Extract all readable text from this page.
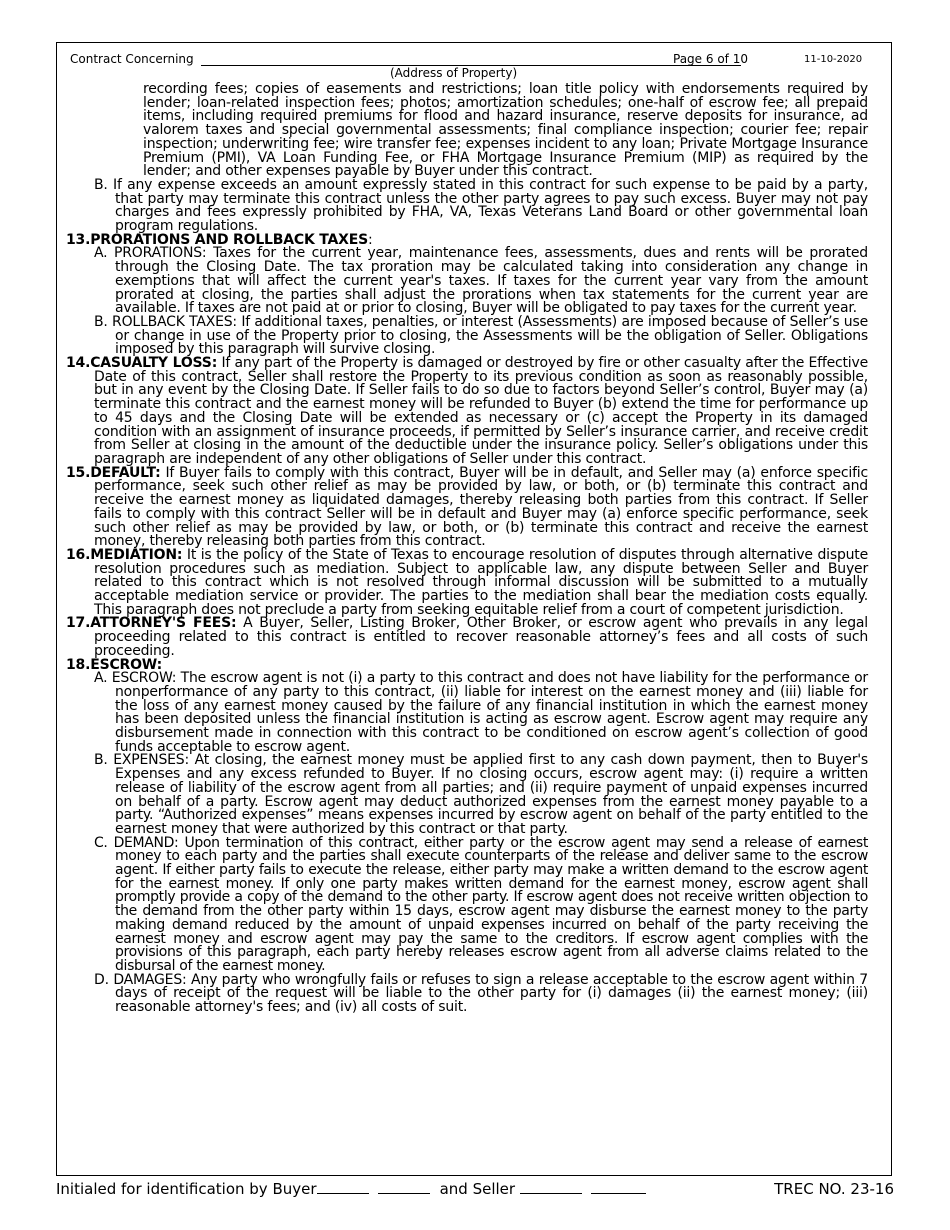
Contract Concerning	Page 6 of 10	11-10-2020
(Address of Property)

recording fees; copies of easements and restrictions; loan title policy with endorsements required by lender; loan-related inspection fees; photos; amortization schedules; one-half of escrow fee; all prepaid items, including required premiums for flood and hazard insurance, reserve deposits for insurance, ad valorem taxes and special governmental assessments; final compliance inspection; courier fee; repair inspection; underwriting fee; wire transfer fee; expenses incident to any loan; Private Mortgage Insurance Premium (PMI), VA Loan Funding Fee, or FHA Mortgage Insurance Premium (MIP) as required by the lender; and other expenses payable by Buyer under this contract.

B. If any expense exceeds an amount expressly stated in this contract for such expense to be paid by a party, that party may terminate this contract unless the other party agrees to pay such excess. Buyer may not pay charges and fees expressly prohibited by FHA, VA, Texas Veterans Land Board or other governmental loan program regulations.

13.PRORATIONS AND ROLLBACK TAXES:

A. PRORATIONS: Taxes for the current year, maintenance fees, assessments, dues and rents will be prorated through the Closing Date. The tax proration may be calculated taking into consideration any change in exemptions that will affect the current year's taxes. If taxes for the current year vary from the amount prorated at closing, the parties shall adjust the prorations when tax statements for the current year are available. If taxes are not paid at or prior to closing, Buyer will be obligated to pay taxes for the current year.

B. ROLLBACK TAXES: If additional taxes, penalties, or interest (Assessments) are imposed because of Seller’s use or change in use of the Property prior to closing, the Assessments will be the obligation of Seller. Obligations imposed by this paragraph will survive closing.

14.CASUALTY LOSS: If any part of the Property is damaged or destroyed by fire or other casualty after the Effective Date of this contract, Seller shall restore the Property to its previous condition as soon as reasonably possible, but in any event by the Closing Date. If Seller fails to do so due to factors beyond Seller’s control, Buyer may (a) terminate this contract and the earnest money will be refunded to Buyer (b) extend the time for performance up to 45 days and the Closing Date will be extended as necessary or (c) accept the Property in its damaged condition with an assignment of insurance proceeds, if permitted by Seller’s insurance carrier, and receive credit from Seller at closing in the amount of the deductible under the insurance policy. Seller’s obligations under this paragraph are independent of any other obligations of Seller under this contract.

15.DEFAULT: If Buyer fails to comply with this contract, Buyer will be in default, and Seller may (a) enforce specific performance, seek such other relief as may be provided by law, or both, or (b) terminate this contract and receive the earnest money as liquidated damages, thereby releasing both parties from this contract. If Seller fails to comply with this contract Seller will be in default and Buyer may (a) enforce specific performance, seek such other relief as may be provided by law, or both, or (b) terminate this contract and receive the earnest money, thereby releasing both parties from this contract.

16.MEDIATION: It is the policy of the State of Texas to encourage resolution of disputes through alternative dispute resolution procedures such as mediation. Subject to applicable law, any dispute between Seller and Buyer related to this contract which is not resolved through informal discussion will be submitted to a mutually acceptable mediation service or provider. The parties to the mediation shall bear the mediation costs equally. This paragraph does not preclude a party from seeking equitable relief from a court of competent jurisdiction.

17.ATTORNEY'S FEES: A Buyer, Seller, Listing Broker, Other Broker, or escrow agent who prevails in any legal proceeding related to this contract is entitled to recover reasonable attorney’s fees and all costs of such proceeding.

18.ESCROW:

A. ESCROW: The escrow agent is not (i) a party to this contract and does not have liability for the performance or nonperformance of any party to this contract, (ii) liable for interest on the earnest money and (iii) liable for the loss of any earnest money caused by the failure of any financial institution in which the earnest money has been deposited unless the financial institution is acting as escrow agent. Escrow agent may require any disbursement made in connection with this contract to be conditioned on escrow agent’s collection of good funds acceptable to escrow agent.

B. EXPENSES: At closing, the earnest money must be applied first to any cash down payment, then to Buyer's Expenses and any excess refunded to Buyer. If no closing occurs, escrow agent may: (i) require a written release of liability of the escrow agent from all parties; and (ii) require payment of unpaid expenses incurred on behalf of a party. Escrow agent may deduct authorized expenses from the earnest money payable to a party. “Authorized expenses” means expenses incurred by escrow agent on behalf of the party entitled to the earnest money that were authorized by this contract or that party.

C. DEMAND: Upon termination of this contract, either party or the escrow agent may send a release of earnest money to each party and the parties shall execute counterparts of the release and deliver same to the escrow agent. If either party fails to execute the release, either party may make a written demand to the escrow agent for the earnest money. If only one party makes written demand for the earnest money, escrow agent shall promptly provide a copy of the demand to the other party. If escrow agent does not receive written objection to the demand from the other party within 15 days, escrow agent may disburse the earnest money to the party making demand reduced by the amount of unpaid expenses incurred on behalf of the party receiving the earnest money and escrow agent may pay the same to the creditors. If escrow agent complies with the provisions of this paragraph, each party hereby releases escrow agent from all adverse claims related to the disbursal of the earnest money.

D. DAMAGES: Any party who wrongfully fails or refuses to sign a release acceptable to the escrow agent within 7 days of receipt of the request will be liable to the other party for (i) damages (ii) the earnest money; (iii) reasonable attorney's fees; and (iv) all costs of suit.

Initialed for identification by Buyer	and Seller	TREC NO. 23-16
